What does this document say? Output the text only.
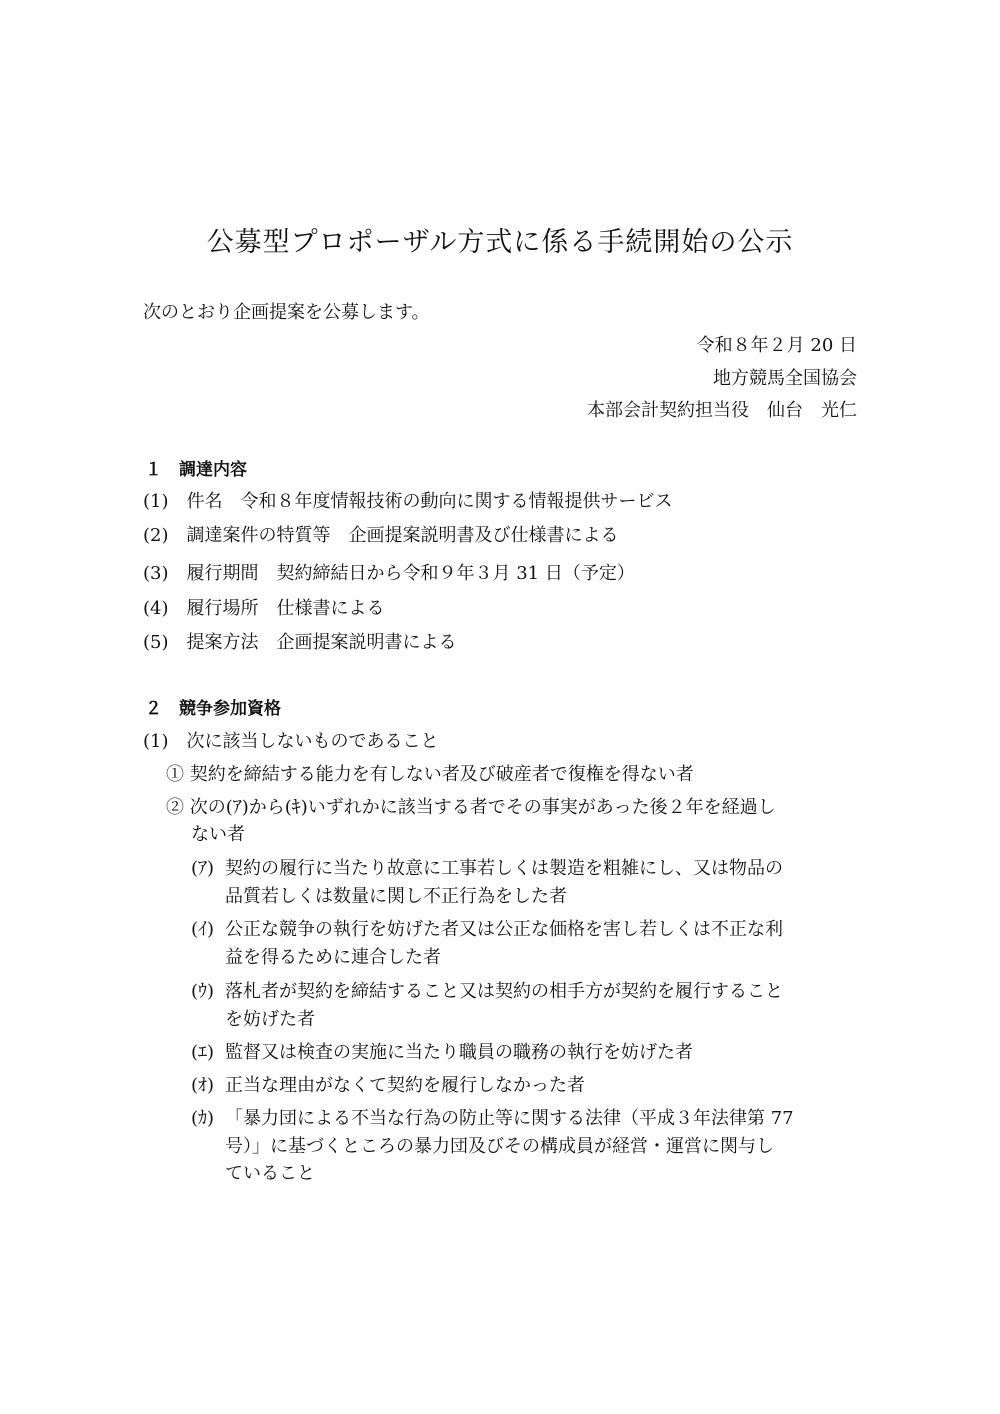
公募型プロポーザル方式に係る手続開始の公示
次のとおり企画提案を公募します。
令和８年２月 20 日
地方競馬全国協会
本部会計契約担当役　仙台　光仁
１　調達内容
(1)　件名　令和８年度情報技術の動向に関する情報提供サービス
(2)　調達案件の特質等　企画提案説明書及び仕様書による
(3)　履行期間　契約締結日から令和９年３月 31 日（予定）
(4)　履行場所　仕様書による
(5)　提案方法　企画提案説明書による
２　競争参加資格
(1)　次に該当しないものであること
① 契約を締結する能力を有しない者及び破産者で復権を得ない者
② 次の(ｱ)から(ｷ)いずれかに該当する者でその事実があった後２年を経過し
ない者
(ｱ) 契約の履行に当たり故意に工事若しくは製造を粗雑にし、又は物品の
品質若しくは数量に関し不正行為をした者
(ｲ) 公正な競争の執行を妨げた者又は公正な価格を害し若しくは不正な利
益を得るために連合した者
(ｳ) 落札者が契約を締結すること又は契約の相手方が契約を履行すること
を妨げた者
(ｴ) 監督又は検査の実施に当たり職員の職務の執行を妨げた者
(ｵ) 正当な理由がなくて契約を履行しなかった者
(ｶ) 「暴力団による不当な行為の防止等に関する法律（平成３年法律第 77
号）」に基づくところの暴力団及びその構成員が経営・運営に関与し
ていること
